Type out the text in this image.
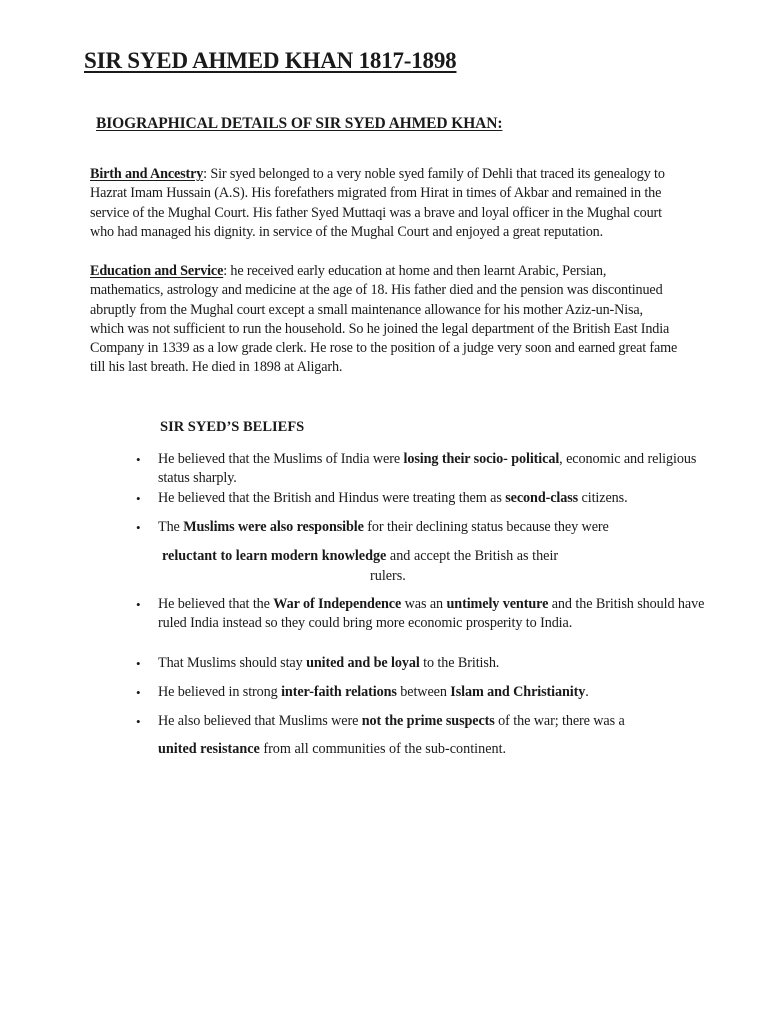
SIR SYED AHMED KHAN 1817-1898
BIOGRAPHICAL DETAILS OF SIR SYED AHMED KHAN:

Birth and Ancestry: Sir syed belonged to a very noble syed family of Dehli that traced its genealogy to Hazrat Imam Hussain (A.S). His forefathers migrated from Hirat in times of Akbar and remained in the service of the Mughal Court. His father Syed Muttaqi was a brave and loyal officer in the Mughal court who had managed his dignity. in service of the Mughal Court and enjoyed a great reputation.

Education and Service: he received early education at home and then learnt Arabic, Persian, mathematics, astrology and medicine at the age of 18. His father died and the pension was discontinued abruptly from the Mughal court except a small maintenance allowance for his mother Aziz-un-Nisa, which was not sufficient to run the household. So he joined the legal department of the British East India Company in 1339 as a low grade clerk. He rose to the position of a judge very soon and earned great fame till his last breath. He died in 1898 at Aligarh.

SIR SYED’S BELIEFS
• He believed that the Muslims of India were losing their socio- political, economic and religious status sharply.
• He believed that the British and Hindus were treating them as second-class citizens.
• The Muslims were also responsible for their declining status because they were
reluctant to learn modern knowledge and accept the British as their
rulers.
• He believed that the War of Independence was an untimely venture and the British should have ruled India instead so they could bring more economic prosperity to India.
• That Muslims should stay united and be loyal to the British.
• He believed in strong inter-faith relations between Islam and Christianity.
• He also believed that Muslims were not the prime suspects of the war; there was a
united resistance from all communities of the sub-continent.
